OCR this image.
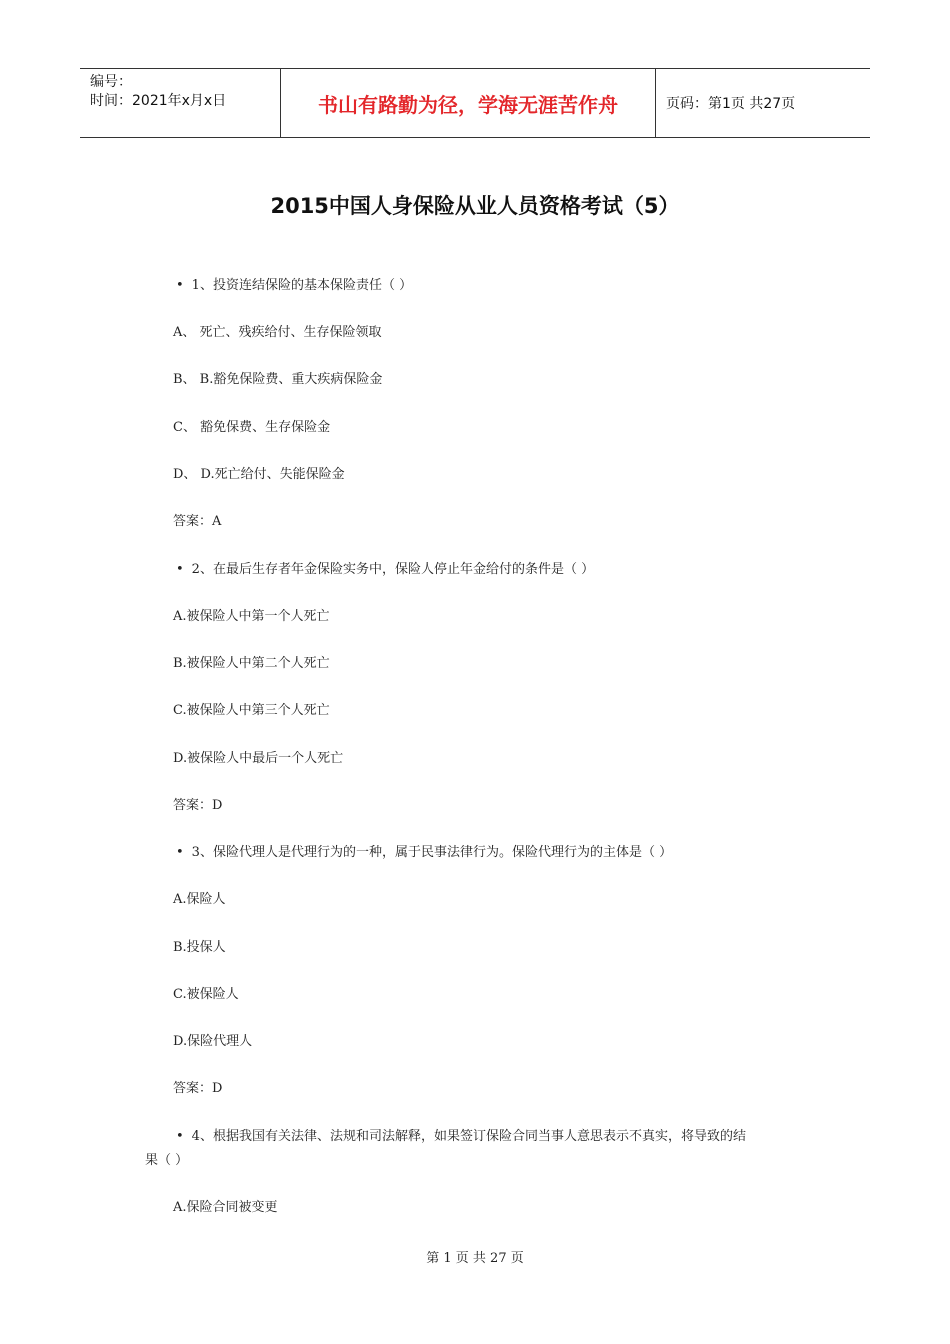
编号：
时间：2021年x月x日	书山有路勤为径，学海无涯苦作舟	页码：第1页 共27页
2015中国人身保险从业人员资格考试（5）
• 1、投资连结保险的基本保险责任（ ）
A、 死亡、残疾给付、生存保险领取
B、 B.豁免保险费、重大疾病保险金
C、 豁免保费、生存保险金
D、 D.死亡给付、失能保险金
答案：A
• 2、在最后生存者年金保险实务中，保险人停止年金给付的条件是（ ）
A.被保险人中第一个人死亡
B.被保险人中第二个人死亡
C.被保险人中第三个人死亡
D.被保险人中最后一个人死亡
答案：D
• 3、保险代理人是代理行为的一种，属于民事法律行为。保险代理行为的主体是（ ）
A.保险人
B.投保人
C.被保险人
D.保险代理人
答案：D
• 4、根据我国有关法律、法规和司法解释，如果签订保险合同当事人意思表示不真实，将导致的结
果（ ）
A.保险合同被变更
第 1 页 共 27 页
